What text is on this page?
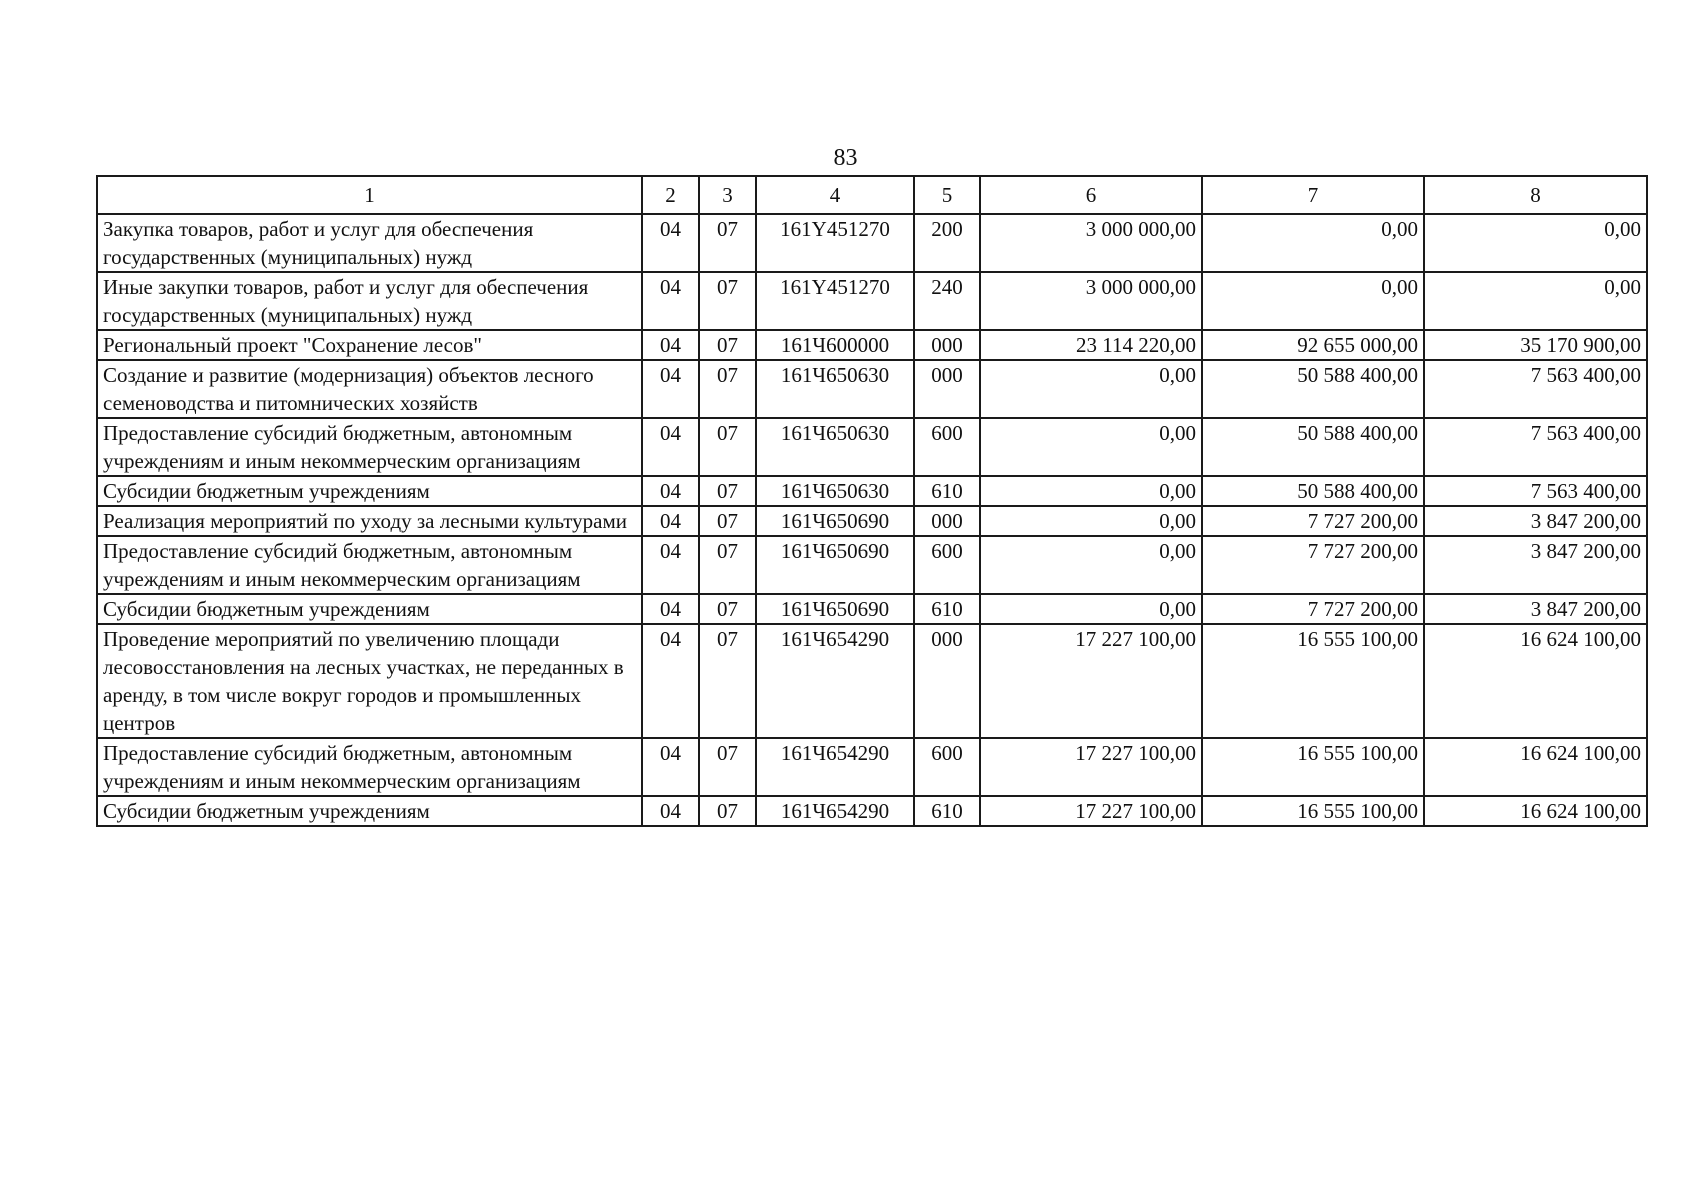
83
1	2	3	4	5	6	7	8
Закупка товаров, работ и услуг для обеспечения государственных (муниципальных) нужд	04	07	161Y451270	200	3 000 000,00	0,00	0,00
Иные закупки товаров, работ и услуг для обеспечения государственных (муниципальных) нужд	04	07	161Y451270	240	3 000 000,00	0,00	0,00
Региональный проект "Сохранение лесов"	04	07	161Ч600000	000	23 114 220,00	92 655 000,00	35 170 900,00
Создание и развитие (модернизация) объектов лесного семеноводства и питомнических хозяйств	04	07	161Ч650630	000	0,00	50 588 400,00	7 563 400,00
Предоставление субсидий бюджетным, автономным учреждениям и иным некоммерческим организациям	04	07	161Ч650630	600	0,00	50 588 400,00	7 563 400,00
Субсидии бюджетным учреждениям	04	07	161Ч650630	610	0,00	50 588 400,00	7 563 400,00
Реализация мероприятий по уходу за лесными культурами	04	07	161Ч650690	000	0,00	7 727 200,00	3 847 200,00
Предоставление субсидий бюджетным, автономным учреждениям и иным некоммерческим организациям	04	07	161Ч650690	600	0,00	7 727 200,00	3 847 200,00
Субсидии бюджетным учреждениям	04	07	161Ч650690	610	0,00	7 727 200,00	3 847 200,00
Проведение мероприятий по увеличению площади лесовосстановления на лесных участках, не переданных в аренду, в том числе вокруг городов и промышленных центров	04	07	161Ч654290	000	17 227 100,00	16 555 100,00	16 624 100,00
Предоставление субсидий бюджетным, автономным учреждениям и иным некоммерческим организациям	04	07	161Ч654290	600	17 227 100,00	16 555 100,00	16 624 100,00
Субсидии бюджетным учреждениям	04	07	161Ч654290	610	17 227 100,00	16 555 100,00	16 624 100,00
